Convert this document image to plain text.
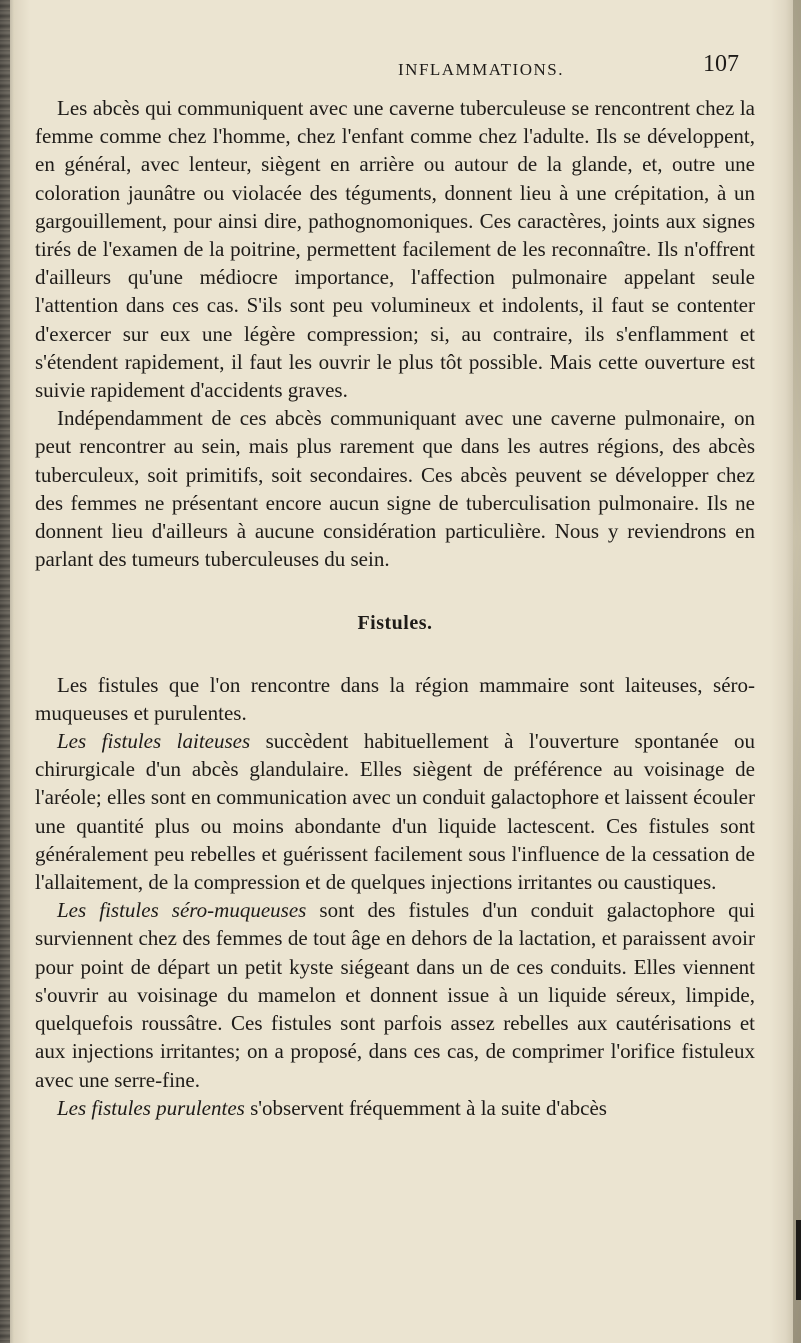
INFLAMMATIONS.	107

Les abcès qui communiquent avec une caverne tuberculeuse se rencontrent chez la femme comme chez l'homme, chez l'enfant comme chez l'adulte. Ils se développent, en général, avec lenteur, siègent en arrière ou autour de la glande, et, outre une coloration jaunâtre ou violacée des téguments, donnent lieu à une crépitation, à un gargouillement, pour ainsi dire, pathognomoniques. Ces caractères, joints aux signes tirés de l'examen de la poitrine, permettent facilement de les reconnaître. Ils n'offrent d'ailleurs qu'une médiocre importance, l'affection pulmonaire appelant seule l'attention dans ces cas. S'ils sont peu volumineux et indolents, il faut se contenter d'exercer sur eux une légère compression; si, au contraire, ils s'enflamment et s'étendent rapidement, il faut les ouvrir le plus tôt possible. Mais cette ouverture est suivie rapidement d'accidents graves.

Indépendamment de ces abcès communiquant avec une caverne pulmonaire, on peut rencontrer au sein, mais plus rarement que dans les autres régions, des abcès tuberculeux, soit primitifs, soit secondaires. Ces abcès peuvent se développer chez des femmes ne présentant encore aucun signe de tuberculisation pulmonaire. Ils ne donnent lieu d'ailleurs à aucune considération particulière. Nous y reviendrons en parlant des tumeurs tuberculeuses du sein.

Fistules.

Les fistules que l'on rencontre dans la région mammaire sont laiteuses, séro-muqueuses et purulentes.

Les fistules laiteuses succèdent habituellement à l'ouverture spontanée ou chirurgicale d'un abcès glandulaire. Elles siègent de préférence au voisinage de l'aréole; elles sont en communication avec un conduit galactophore et laissent écouler une quantité plus ou moins abondante d'un liquide lactescent. Ces fistules sont généralement peu rebelles et guérissent facilement sous l'influence de la cessation de l'allaitement, de la compression et de quelques injections irritantes ou caustiques.

Les fistules séro-muqueuses sont des fistules d'un conduit galactophore qui surviennent chez des femmes de tout âge en dehors de la lactation, et paraissent avoir pour point de départ un petit kyste siégeant dans un de ces conduits. Elles viennent s'ouvrir au voisinage du mamelon et donnent issue à un liquide séreux, limpide, quelquefois roussâtre. Ces fistules sont parfois assez rebelles aux cautérisations et aux injections irritantes; on a proposé, dans ces cas, de comprimer l'orifice fistuleux avec une serre-fine.

Les fistules purulentes s'observent fréquemment à la suite d'abcès
